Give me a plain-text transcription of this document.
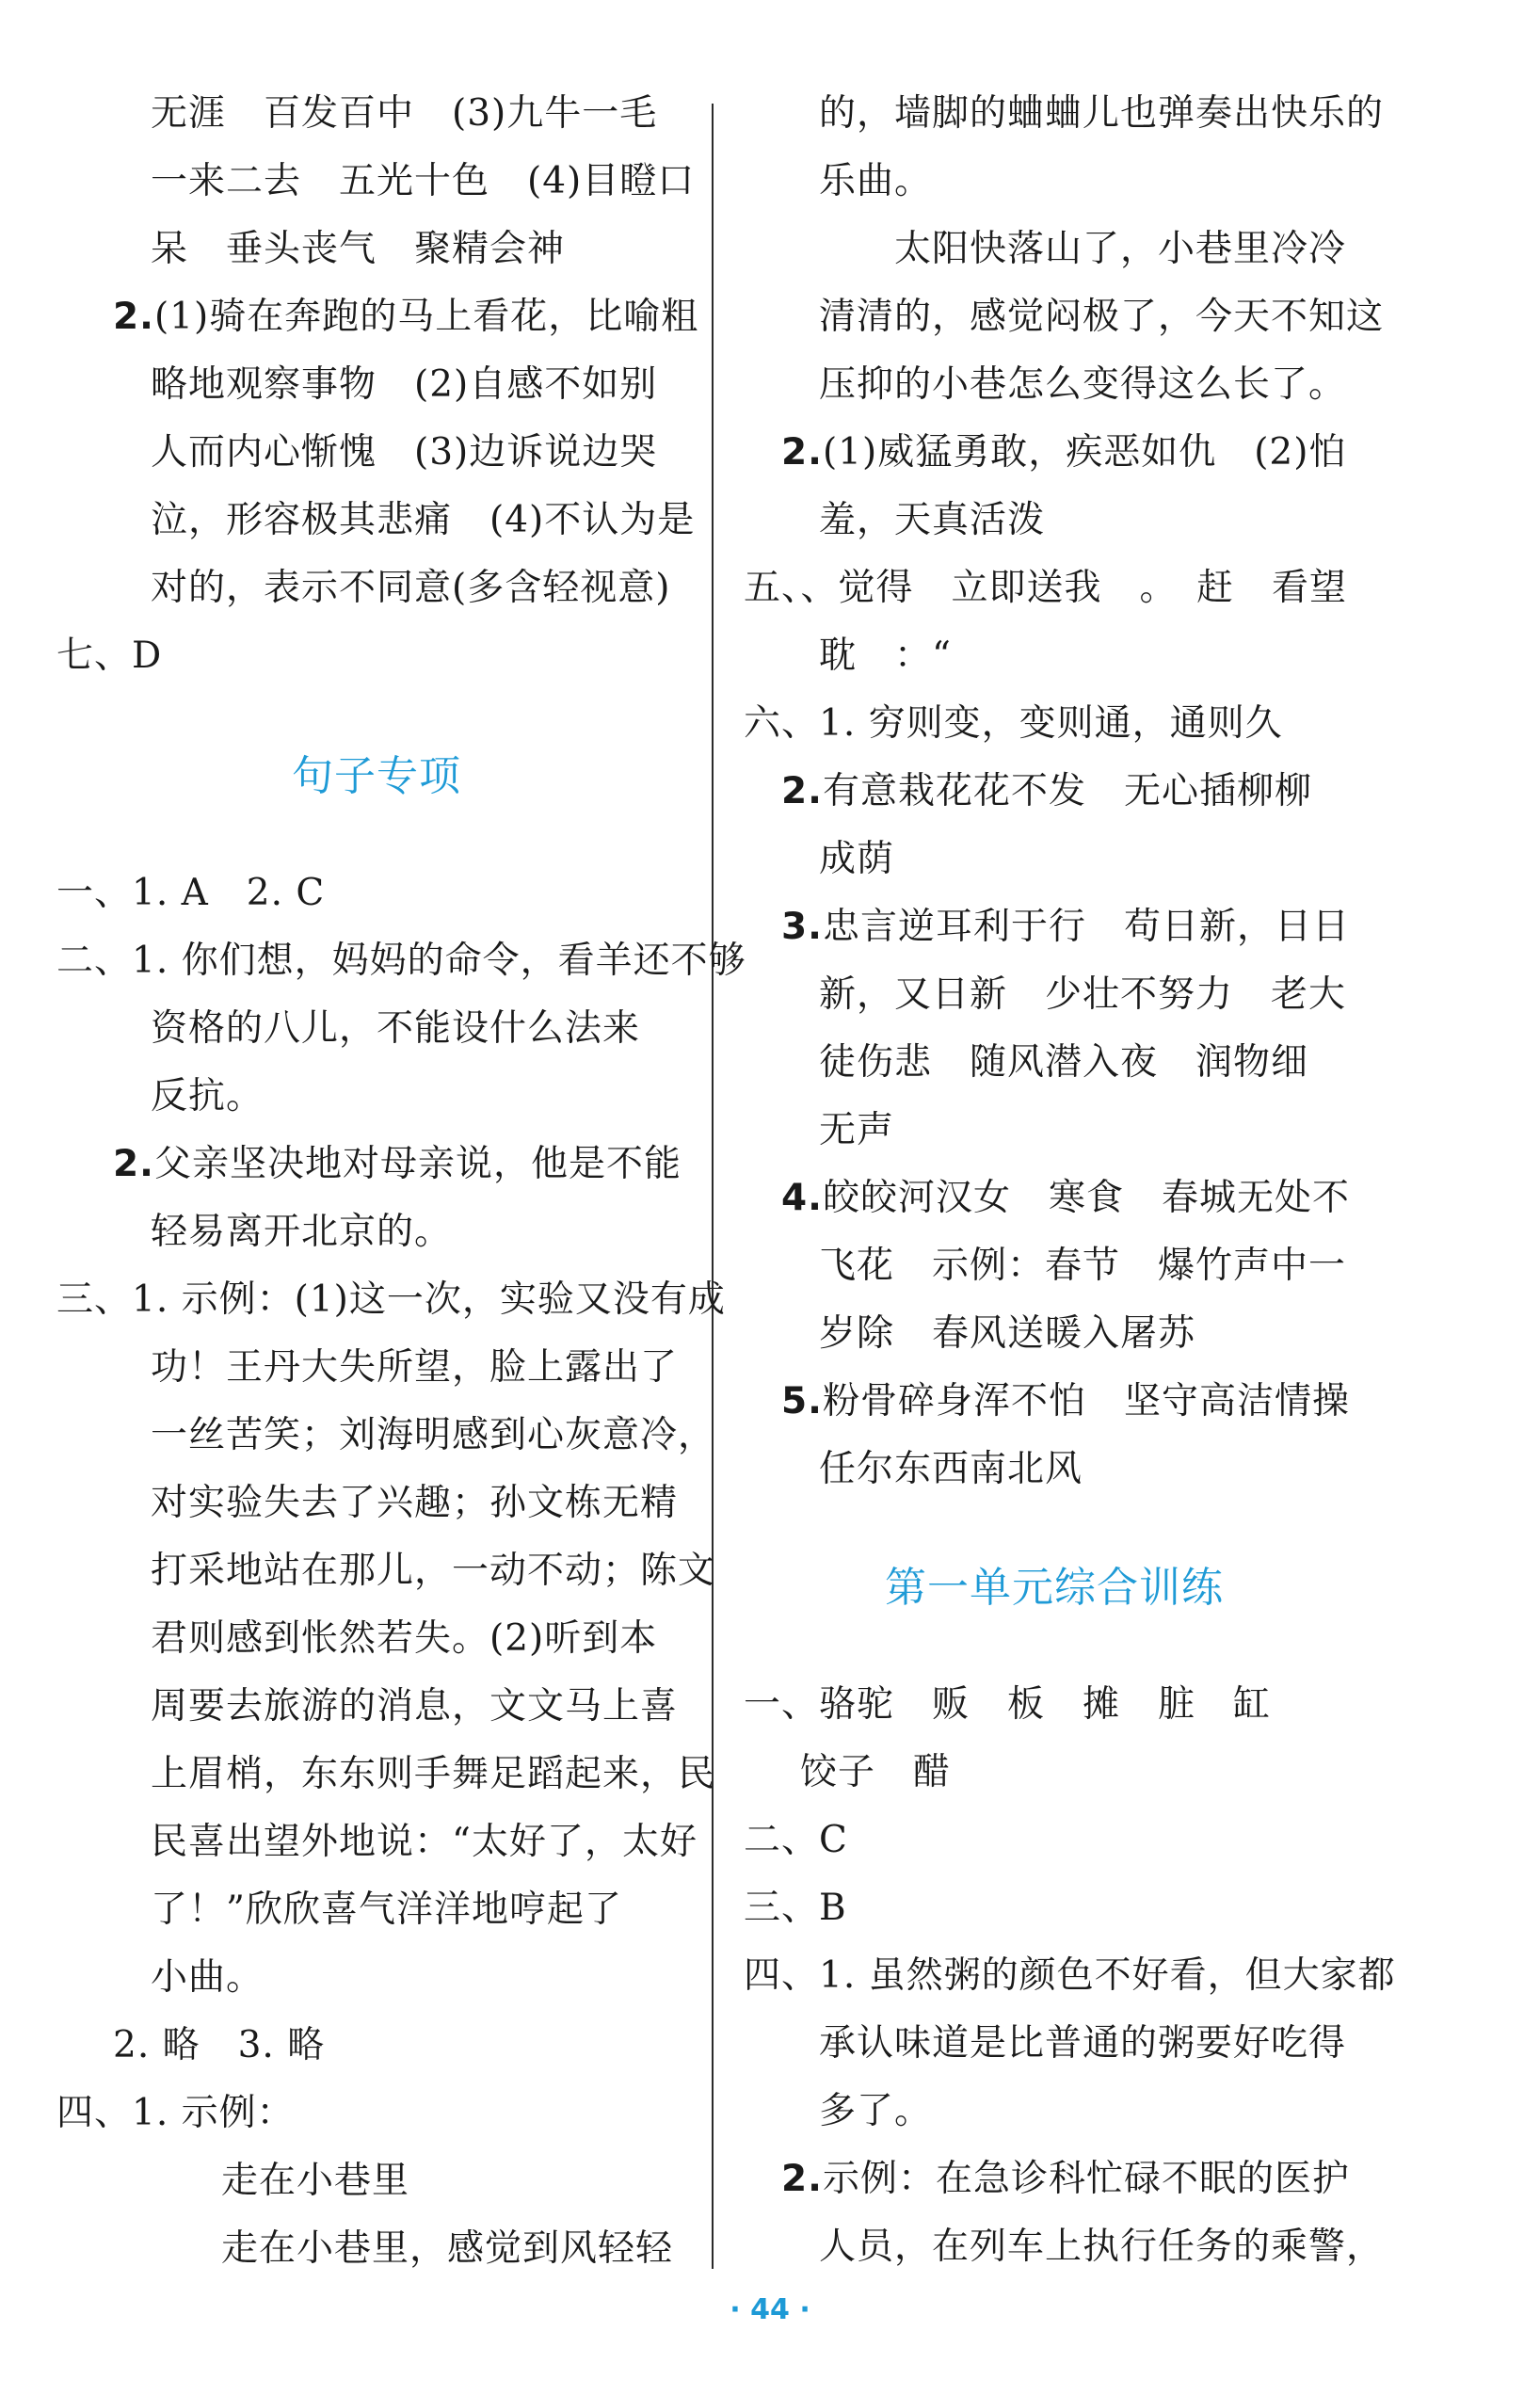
无涯　百发百中　(3)九牛一毛
一来二去　五光十色　(4)目瞪口
呆　垂头丧气　聚精会神
2.(1)骑在奔跑的马上看花，比喻粗
略地观察事物　(2)自感不如别
人而内心惭愧　(3)边诉说边哭
泣，形容极其悲痛　(4)不认为是
对的，表示不同意(多含轻视意)
七、D
句子专项
一、1. A　2. C
二、1. 你们想，妈妈的命令，看羊还不够
资格的八儿，不能设什么法来
反抗。
2.父亲坚决地对母亲说，他是不能
轻易离开北京的。
三、1. 示例：(1)这一次，实验又没有成
功！王丹大失所望，脸上露出了
一丝苦笑；刘海明感到心灰意冷，
对实验失去了兴趣；孙文栋无精
打采地站在那儿，一动不动；陈文
君则感到怅然若失。(2)听到本
周要去旅游的消息，文文马上喜
上眉梢，东东则手舞足蹈起来，民
民喜出望外地说：“太好了，太好
了！”欣欣喜气洋洋地哼起了
小曲。
2. 略　3. 略
四、1. 示例：
走在小巷里
走在小巷里，感觉到风轻轻
的，墙脚的蛐蛐儿也弹奏出快乐的
乐曲。
太阳快落山了，小巷里冷冷
清清的，感觉闷极了，今天不知这
压抑的小巷怎么变得这么长了。
2.(1)威猛勇敢，疾恶如仇　(2)怕
羞，天真活泼
五、、觉得　立即送我　。　赶　看望
耽　：“
六、1. 穷则变，变则通，通则久
2.有意栽花花不发　无心插柳柳
成荫
3.忠言逆耳利于行　苟日新，日日
新，又日新　少壮不努力　老大
徒伤悲　随风潜入夜　润物细
无声
4.皎皎河汉女　寒食　春城无处不
飞花　示例：春节　爆竹声中一
岁除　春风送暖入屠苏
5.粉骨碎身浑不怕　坚守高洁情操
任尔东西南北风
第一单元综合训练
一、骆驼　贩　板　摊　脏　缸
饺子　醋
二、C
三、B
四、1. 虽然粥的颜色不好看，但大家都
承认味道是比普通的粥要好吃得
多了。
2.示例：在急诊科忙碌不眠的医护
人员，在列车上执行任务的乘警，
· 44 ·
